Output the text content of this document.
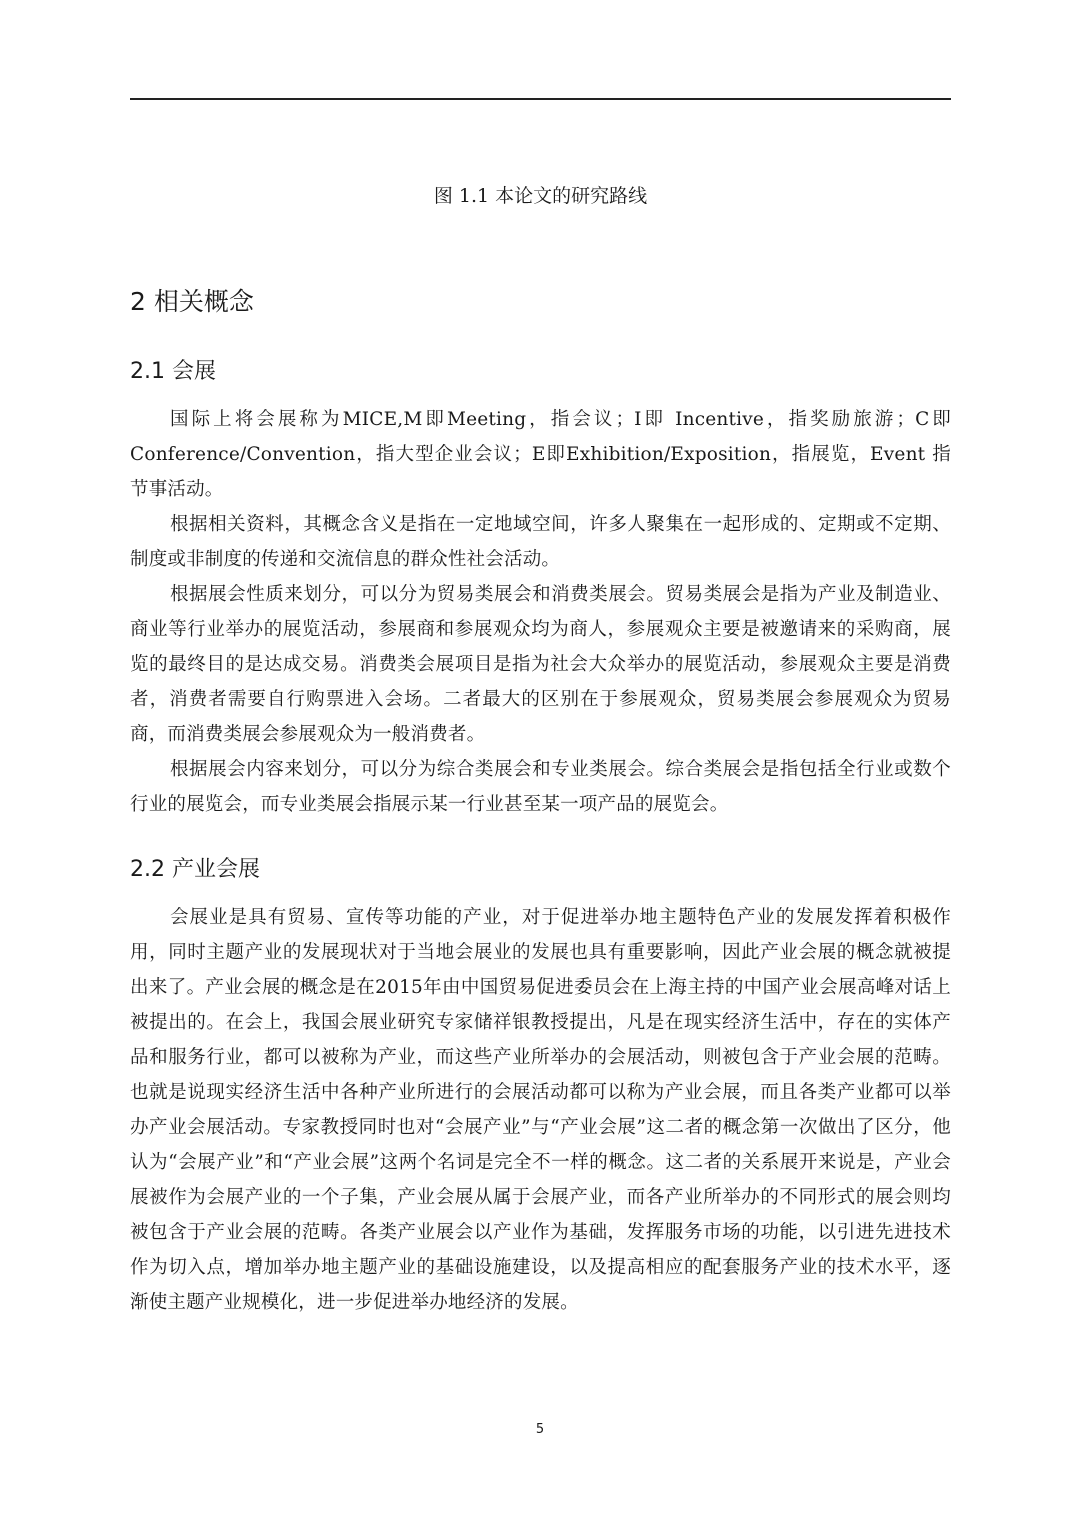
图 1.1 本论文的研究路线
2 相关概念
2.1 会展

国际上将会展称为MICE,M即Meeting，指会议；I即 Incentive，指奖励旅游；C即Conference/Convention，指大型企业会议；E即Exhibition/Exposition，指展览，Event 指节事活动。

根据相关资料，其概念含义是指在一定地域空间，许多人聚集在一起形成的、定期或不定期、制度或非制度的传递和交流信息的群众性社会活动。

根据展会性质来划分，可以分为贸易类展会和消费类展会。贸易类展会是指为产业及制造业、商业等行业举办的展览活动，参展商和参展观众均为商人，参展观众主要是被邀请来的采购商，展览的最终目的是达成交易。消费类会展项目是指为社会大众举办的展览活动，参展观众主要是消费者，消费者需要自行购票进入会场。二者最大的区别在于参展观众，贸易类展会参展观众为贸易商，而消费类展会参展观众为一般消费者。

根据展会内容来划分，可以分为综合类展会和专业类展会。综合类展会是指包括全行业或数个行业的展览会，而专业类展会指展示某一行业甚至某一项产品的展览会。

2.2 产业会展

会展业是具有贸易、宣传等功能的产业，对于促进举办地主题特色产业的发展发挥着积极作用，同时主题产业的发展现状对于当地会展业的发展也具有重要影响，因此产业会展的概念就被提出来了。产业会展的概念是在2015年由中国贸易促进委员会在上海主持的中国产业会展高峰对话上被提出的。在会上，我国会展业研究专家储祥银教授提出，凡是在现实经济生活中，存在的实体产品和服务行业，都可以被称为产业，而这些产业所举办的会展活动，则被包含于产业会展的范畴。也就是说现实经济生活中各种产业所进行的会展活动都可以称为产业会展，而且各类产业都可以举办产业会展活动。专家教授同时也对“会展产业”与“产业会展”这二者的概念第一次做出了区分，他认为“会展产业”和“产业会展”这两个名词是完全不一样的概念。这二者的关系展开来说是，产业会展被作为会展产业的一个子集，产业会展从属于会展产业，而各产业所举办的不同形式的展会则均被包含于产业会展的范畴。各类产业展会以产业作为基础，发挥服务市场的功能，以引进先进技术作为切入点，增加举办地主题产业的基础设施建设，以及提高相应的配套服务产业的技术水平，逐渐使主题产业规模化，进一步促进举办地经济的发展。

5
